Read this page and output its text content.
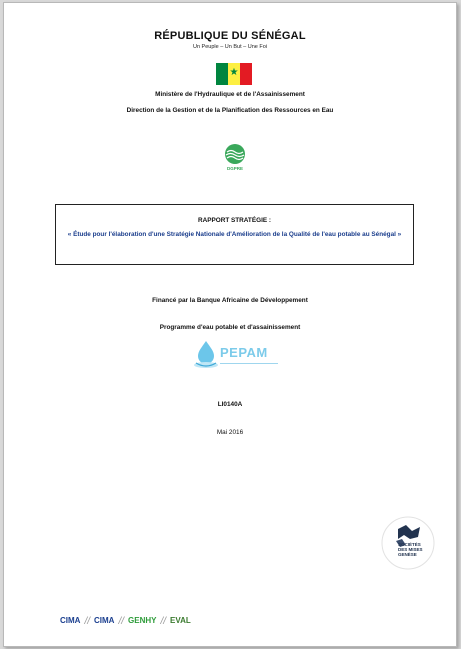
RÉPUBLIQUE DU SÉNÉGAL
Un Peuple – Un But – Une Foi
★
Ministère de l'Hydraulique et de l'Assainissement
Direction de la Gestion et de la Planification des Ressources en Eau
DGPRE
RAPPORT STRATÉGIE :
« Étude pour l'élaboration d'une Stratégie Nationale d'Amélioration de la Qualité de l'eau potable au Sénégal »
Financé par la Banque Africaine de Développement
Programme d'eau potable et d'assainissement
PEPAM
LI0140A
Mai 2016
SOCIÉTÉS
DES MISES
GENÈSE
CIMA // CIMA // GENHY // EVAL
